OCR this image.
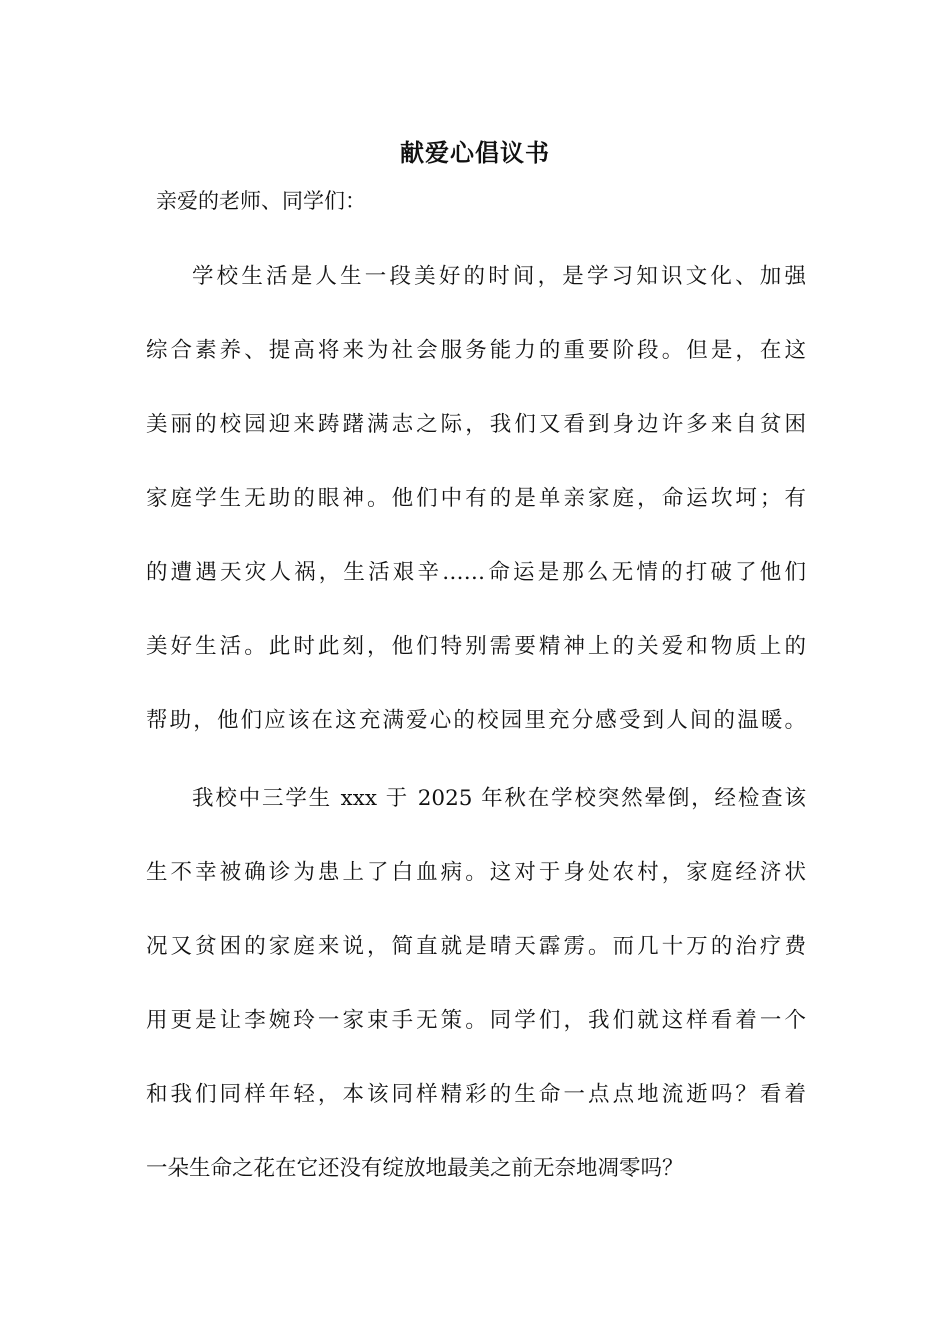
献爱心倡议书
亲爱的老师、同学们：
学校生活是人生一段美好的时间，是学习知识文化、加强
综合素养、提高将来为社会服务能力的重要阶段。但是，在这
美丽的校园迎来踌躇满志之际，我们又看到身边许多来自贫困
家庭学生无助的眼神。他们中有的是单亲家庭，命运坎坷；有
的遭遇天灾人祸，生活艰辛……命运是那么无情的打破了他们
美好生活。此时此刻，他们特别需要精神上的关爱和物质上的
帮助，他们应该在这充满爱心的校园里充分感受到人间的温暖。
我校中三学生 xxx 于 2025 年秋在学校突然晕倒，经检查该
生不幸被确诊为患上了白血病。这对于身处农村，家庭经济状
况又贫困的家庭来说，简直就是晴天霹雳。而几十万的治疗费
用更是让李婉玲一家束手无策。同学们，我们就这样看着一个
和我们同样年轻，本该同样精彩的生命一点点地流逝吗？看着
一朵生命之花在它还没有绽放地最美之前无奈地凋零吗？
